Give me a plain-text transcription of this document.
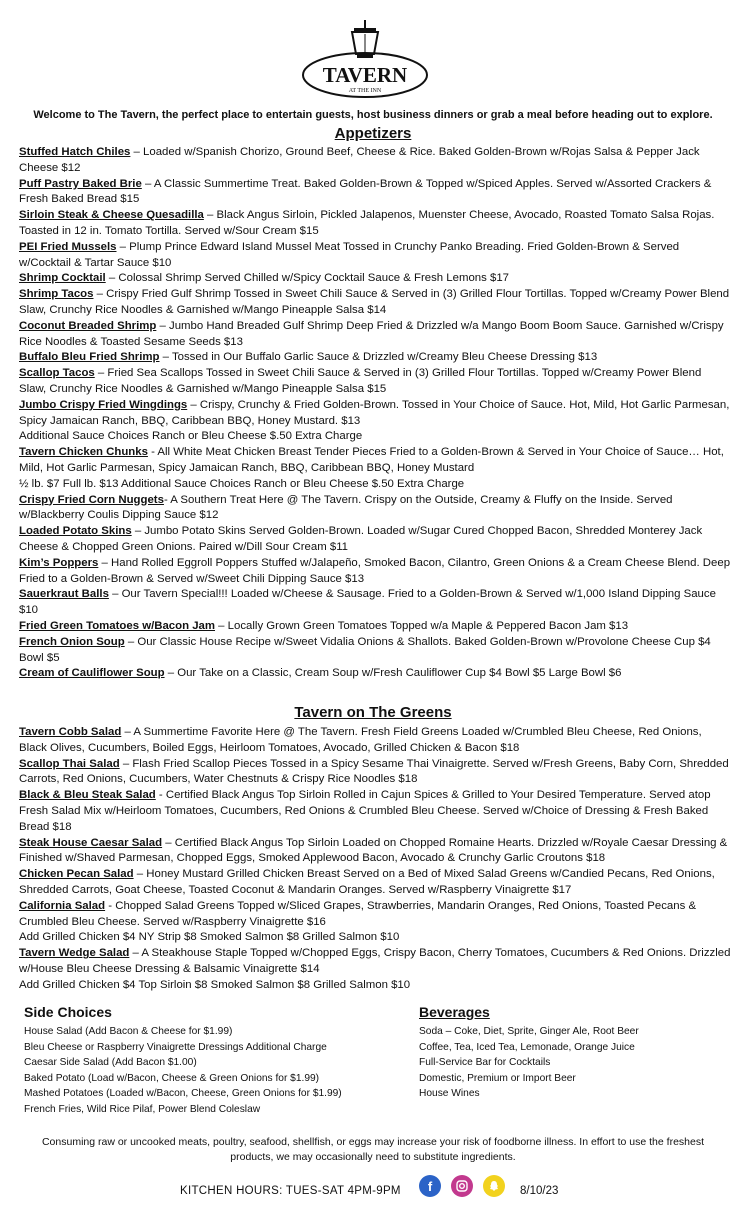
TAVERN
AT THE INN
Welcome to The Tavern, the perfect place to entertain guests, host business dinners or grab a meal before heading out to explore.
Appetizers
Stuffed Hatch Chiles – Loaded w/Spanish Chorizo, Ground Beef, Cheese & Rice. Baked Golden-Brown w/Rojas Salsa & Pepper Jack Cheese $12
Puff Pastry Baked Brie – A Classic Summertime Treat. Baked Golden-Brown & Topped w/Spiced Apples. Served w/Assorted Crackers & Fresh Baked Bread $15
Sirloin Steak & Cheese Quesadilla – Black Angus Sirloin, Pickled Jalapenos, Muenster Cheese, Avocado, Roasted Tomato Salsa Rojas. Toasted in 12 in. Tomato Tortilla. Served w/Sour Cream $15
PEI Fried Mussels – Plump Prince Edward Island Mussel Meat Tossed in Crunchy Panko Breading. Fried Golden-Brown & Served w/Cocktail & Tartar Sauce $10
Shrimp Cocktail – Colossal Shrimp Served Chilled w/Spicy Cocktail Sauce & Fresh Lemons $17
Shrimp Tacos – Crispy Fried Gulf Shrimp Tossed in Sweet Chili Sauce & Served in (3) Grilled Flour Tortillas. Topped w/Creamy Power Blend Slaw, Crunchy Rice Noodles & Garnished w/Mango Pineapple Salsa $14
Coconut Breaded Shrimp – Jumbo Hand Breaded Gulf Shrimp Deep Fried & Drizzled w/a Mango Boom Boom Sauce. Garnished w/Crispy Rice Noodles & Toasted Sesame Seeds $13
Buffalo Bleu Fried Shrimp – Tossed in Our Buffalo Garlic Sauce & Drizzled w/Creamy Bleu Cheese Dressing $13
Scallop Tacos – Fried Sea Scallops Tossed in Sweet Chili Sauce & Served in (3) Grilled Flour Tortillas. Topped w/Creamy Power Blend Slaw, Crunchy Rice Noodles & Garnished w/Mango Pineapple Salsa $15
Jumbo Crispy Fried Wingdings – Crispy, Crunchy & Fried Golden-Brown. Tossed in Your Choice of Sauce. Hot, Mild, Hot Garlic Parmesan, Spicy Jamaican Ranch, BBQ, Caribbean BBQ, Honey Mustard. $13
Additional Sauce Choices Ranch or Bleu Cheese $.50 Extra Charge
Tavern Chicken Chunks - All White Meat Chicken Breast Tender Pieces Fried to a Golden-Brown & Served in Your Choice of Sauce… Hot, Mild, Hot Garlic Parmesan, Spicy Jamaican Ranch, BBQ, Caribbean BBQ, Honey Mustard
½ lb. $7 Full lb. $13 Additional Sauce Choices Ranch or Bleu Cheese $.50 Extra Charge
Crispy Fried Corn Nuggets- A Southern Treat Here @ The Tavern. Crispy on the Outside, Creamy & Fluffy on the Inside. Served w/Blackberry Coulis Dipping Sauce $12
Loaded Potato Skins – Jumbo Potato Skins Served Golden-Brown. Loaded w/Sugar Cured Chopped Bacon, Shredded Monterey Jack Cheese & Chopped Green Onions. Paired w/Dill Sour Cream $11
Kim’s Poppers – Hand Rolled Eggroll Poppers Stuffed w/Jalapeño, Smoked Bacon, Cilantro, Green Onions & a Cream Cheese Blend. Deep Fried to a Golden-Brown & Served w/Sweet Chili Dipping Sauce $13
Sauerkraut Balls – Our Tavern Special!!! Loaded w/Cheese & Sausage. Fried to a Golden-Brown & Served w/1,000 Island Dipping Sauce $10
Fried Green Tomatoes w/Bacon Jam – Locally Grown Green Tomatoes Topped w/a Maple & Peppered Bacon Jam $13
French Onion Soup – Our Classic House Recipe w/Sweet Vidalia Onions & Shallots. Baked Golden-Brown w/Provolone Cheese Cup $4 Bowl $5
Cream of Cauliflower Soup – Our Take on a Classic, Cream Soup w/Fresh Cauliflower Cup $4 Bowl $5 Large Bowl $6
Tavern on The Greens
Tavern Cobb Salad – A Summertime Favorite Here @ The Tavern. Fresh Field Greens Loaded w/Crumbled Bleu Cheese, Red Onions, Black Olives, Cucumbers, Boiled Eggs, Heirloom Tomatoes, Avocado, Grilled Chicken & Bacon $18
Scallop Thai Salad – Flash Fried Scallop Pieces Tossed in a Spicy Sesame Thai Vinaigrette. Served w/Fresh Greens, Baby Corn, Shredded Carrots, Red Onions, Cucumbers, Water Chestnuts & Crispy Rice Noodles $18
Black & Bleu Steak Salad - Certified Black Angus Top Sirloin Rolled in Cajun Spices & Grilled to Your Desired Temperature. Served atop Fresh Salad Mix w/Heirloom Tomatoes, Cucumbers, Red Onions & Crumbled Bleu Cheese. Served w/Choice of Dressing & Fresh Baked Bread $18
Steak House Caesar Salad – Certified Black Angus Top Sirloin Loaded on Chopped Romaine Hearts. Drizzled w/Royale Caesar Dressing & Finished w/Shaved Parmesan, Chopped Eggs, Smoked Applewood Bacon, Avocado & Crunchy Garlic Croutons $18
Chicken Pecan Salad – Honey Mustard Grilled Chicken Breast Served on a Bed of Mixed Salad Greens w/Candied Pecans, Red Onions, Shredded Carrots, Goat Cheese, Toasted Coconut & Mandarin Oranges. Served w/Raspberry Vinaigrette $17
California Salad - Chopped Salad Greens Topped w/Sliced Grapes, Strawberries, Mandarin Oranges, Red Onions, Toasted Pecans & Crumbled Bleu Cheese. Served w/Raspberry Vinaigrette $16
Add Grilled Chicken $4 NY Strip $8 Smoked Salmon $8 Grilled Salmon $10
Tavern Wedge Salad – A Steakhouse Staple Topped w/Chopped Eggs, Crispy Bacon, Cherry Tomatoes, Cucumbers & Red Onions. Drizzled w/House Bleu Cheese Dressing & Balsamic Vinaigrette $14
Add Grilled Chicken $4 Top Sirloin $8 Smoked Salmon $8 Grilled Salmon $10
Side Choices
House Salad (Add Bacon & Cheese for $1.99)
Bleu Cheese or Raspberry Vinaigrette Dressings Additional Charge
Caesar Side Salad (Add Bacon $1.00)
Baked Potato (Load w/Bacon, Cheese & Green Onions for $1.99)
Mashed Potatoes (Loaded w/Bacon, Cheese, Green Onions for $1.99)
French Fries, Wild Rice Pilaf, Power Blend Coleslaw
Beverages
Soda – Coke, Diet, Sprite, Ginger Ale, Root Beer
Coffee, Tea, Iced Tea, Lemonade, Orange Juice
Full-Service Bar for Cocktails
Domestic, Premium or Import Beer
House Wines
Consuming raw or uncooked meats, poultry, seafood, shellfish, or eggs may increase your risk of foodborne illness. In effort to use the freshest products, we may occasionally need to substitute ingredients.
KITCHEN HOURS: TUES-SAT 4PM-9PM	f	8/10/23
